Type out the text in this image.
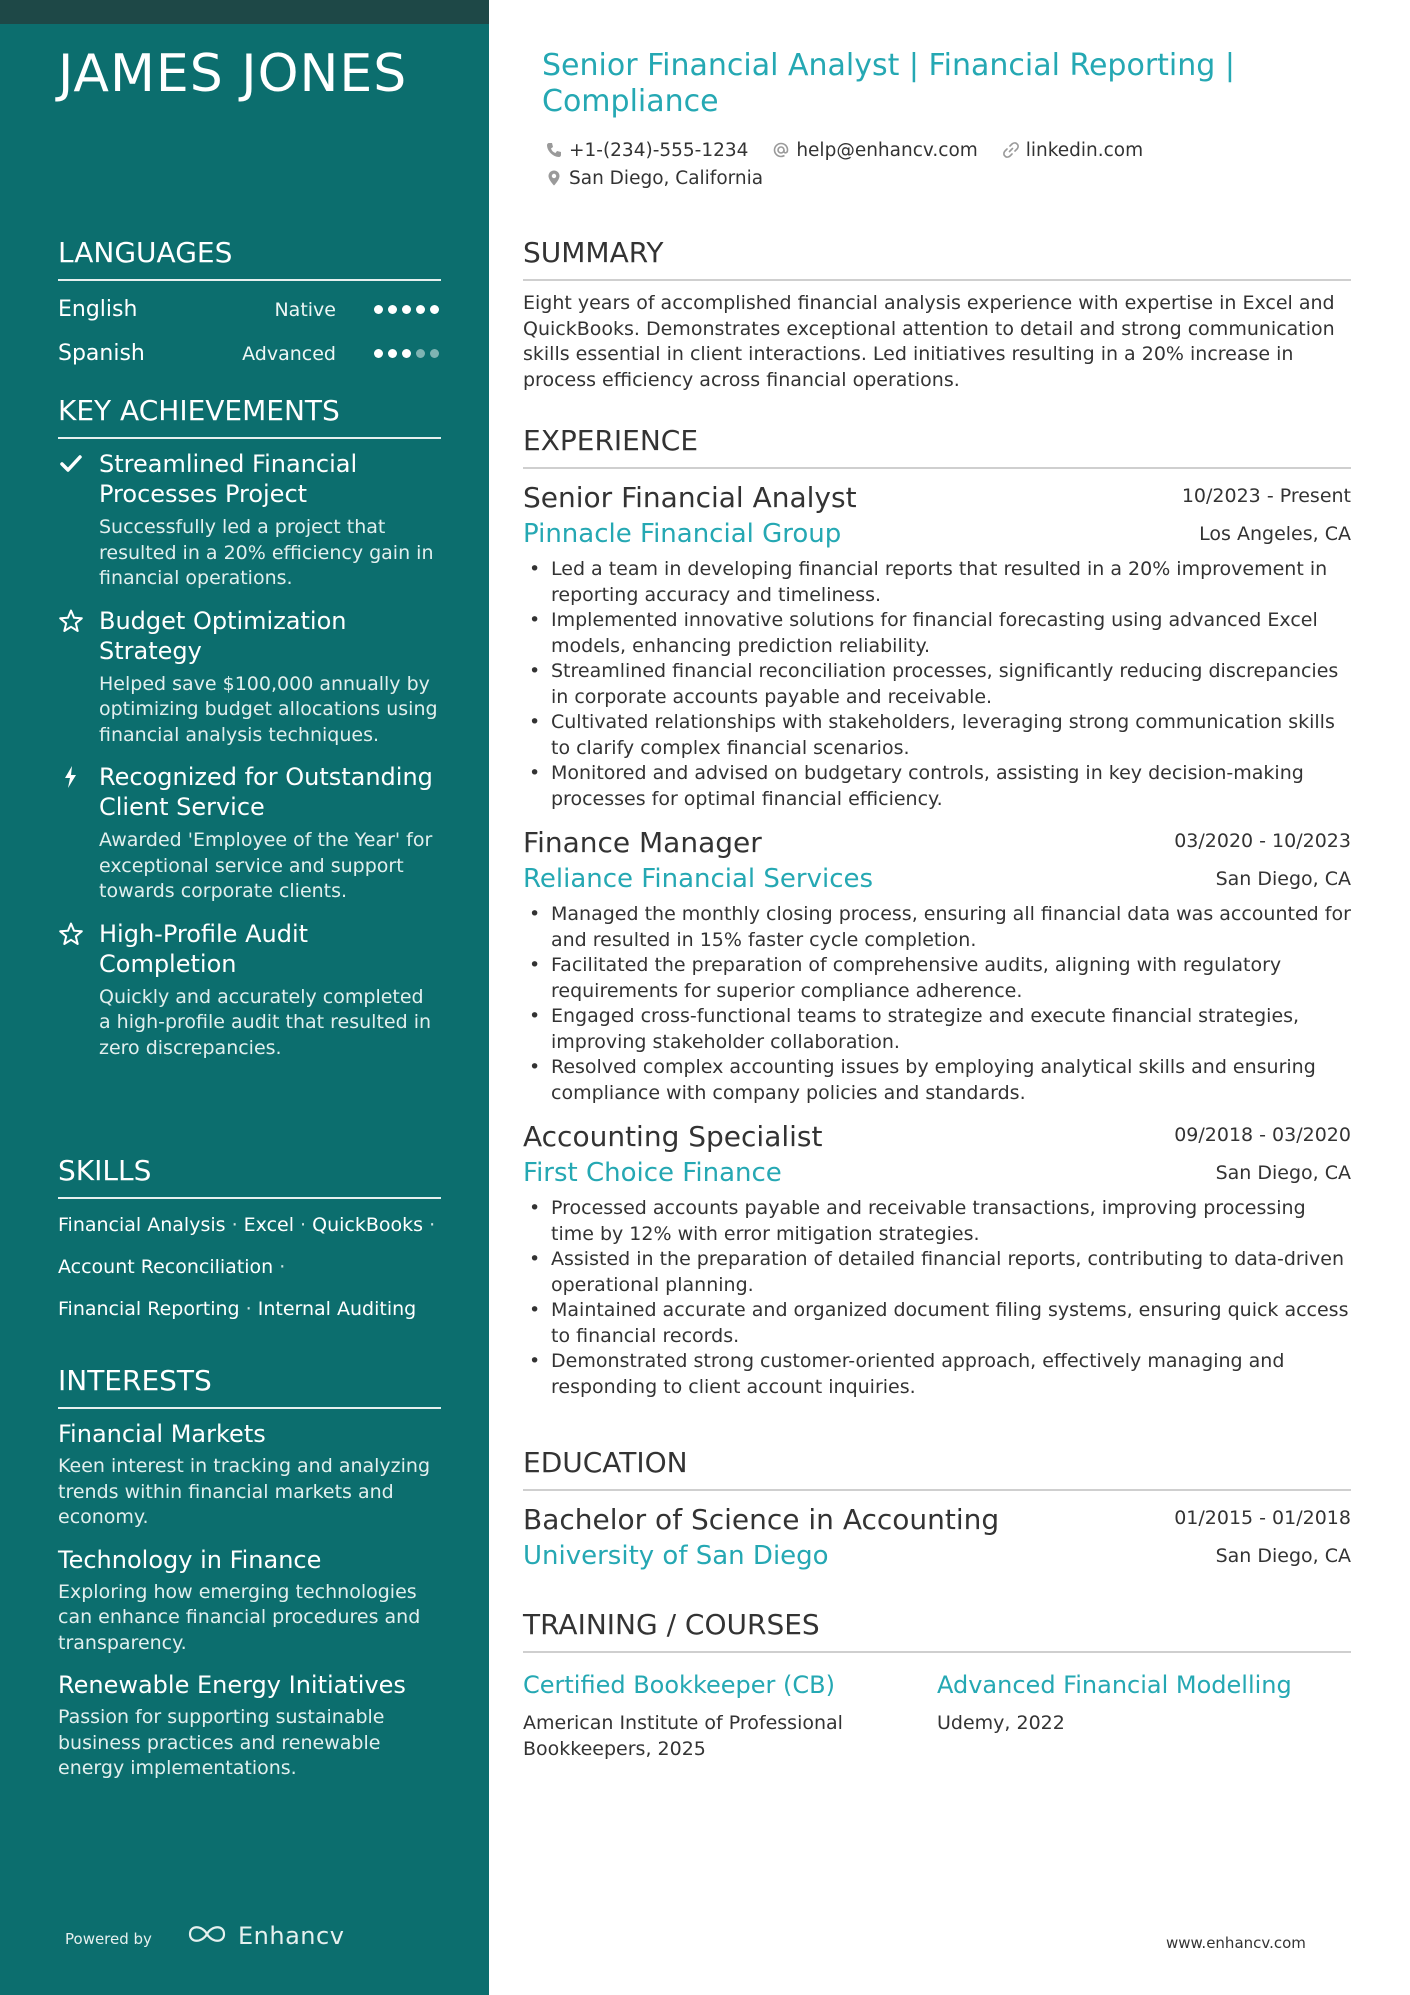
JAMES JONES
LANGUAGES
English	Native
Spanish	Advanced
KEY ACHIEVEMENTS
Streamlined Financial Processes Project
Successfully led a project that resulted in a 20% efficiency gain in financial operations.
Budget Optimization Strategy
Helped save $100,000 annually by optimizing budget allocations using financial analysis techniques.
Recognized for Outstanding Client Service
Awarded 'Employee of the Year' for exceptional service and support towards corporate clients.
High-Profile Audit Completion
Quickly and accurately completed a high-profile audit that resulted in zero discrepancies.
SKILLS
Financial Analysis · Excel · QuickBooks ·
Account Reconciliation ·
Financial Reporting · Internal Auditing
INTERESTS
Financial Markets
Keen interest in tracking and analyzing trends within financial markets and economy.
Technology in Finance
Exploring how emerging technologies can enhance financial procedures and transparency.
Renewable Energy Initiatives
Passion for supporting sustainable business practices and renewable energy implementations.
Powered by	Enhancv
Senior Financial Analyst | Financial Reporting | Compliance
+1-(234)-555-1234
	help@enhancv.com
	linkedin.com
San Diego, California
SUMMARY

Eight years of accomplished financial analysis experience with expertise in Excel and QuickBooks. Demonstrates exceptional attention to detail and strong communication skills essential in client interactions. Led initiatives resulting in a 20% increase in process efficiency across financial operations.

EXPERIENCE
Senior Financial Analyst	10/2023 - Present
Pinnacle Financial Group	Los Angeles, CA
• Led a team in developing financial reports that resulted in a 20% improvement in reporting accuracy and timeliness.
• Implemented innovative solutions for financial forecasting using advanced Excel models, enhancing prediction reliability.
• Streamlined financial reconciliation processes, significantly reducing discrepancies in corporate accounts payable and receivable.
• Cultivated relationships with stakeholders, leveraging strong communication skills to clarify complex financial scenarios.
• Monitored and advised on budgetary controls, assisting in key decision-making processes for optimal financial efficiency.
Finance Manager	03/2020 - 10/2023
Reliance Financial Services	San Diego, CA
• Managed the monthly closing process, ensuring all financial data was accounted for and resulted in 15% faster cycle completion.
• Facilitated the preparation of comprehensive audits, aligning with regulatory requirements for superior compliance adherence.
• Engaged cross-functional teams to strategize and execute financial strategies, improving stakeholder collaboration.
• Resolved complex accounting issues by employing analytical skills and ensuring compliance with company policies and standards.
Accounting Specialist	09/2018 - 03/2020
First Choice Finance	San Diego, CA
• Processed accounts payable and receivable transactions, improving processing time by 12% with error mitigation strategies.
• Assisted in the preparation of detailed financial reports, contributing to data-driven operational planning.
• Maintained accurate and organized document filing systems, ensuring quick access to financial records.
• Demonstrated strong customer-oriented approach, effectively managing and responding to client account inquiries.
EDUCATION
Bachelor of Science in Accounting	01/2015 - 01/2018
University of San Diego	San Diego, CA
TRAINING / COURSES
Certified Bookkeeper (CB)
American Institute of Professional Bookkeepers, 2025
Advanced Financial Modelling
Udemy, 2022
www.enhancv.com
